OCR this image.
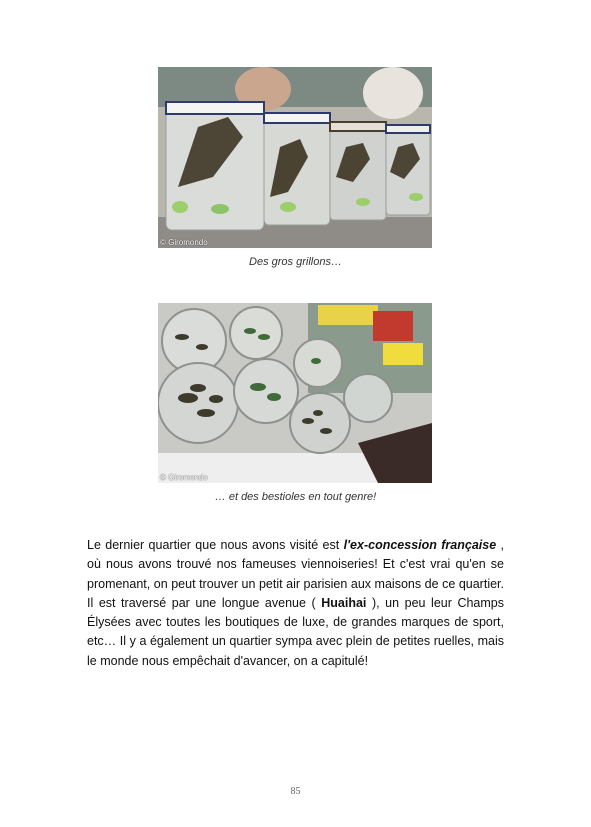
© Giromondo
Des gros grillons…
© Giromondo
… et des bestioles en tout genre!

Le dernier quartier que nous avons visité est l'ex-concession française , où nous avons trouvé nos fameuses viennoiseries! Et c'est vrai qu'en se promenant, on peut trouver un petit air parisien aux maisons de ce quartier. Il est traversé par une longue avenue ( Huaihai ), un peu leur Champs Élysées avec toutes les boutiques de luxe, de grandes marques de sport, etc… Il y a également un quartier sympa avec plein de petites ruelles, mais le monde nous empêchait d'avancer, on a capitulé!

85
